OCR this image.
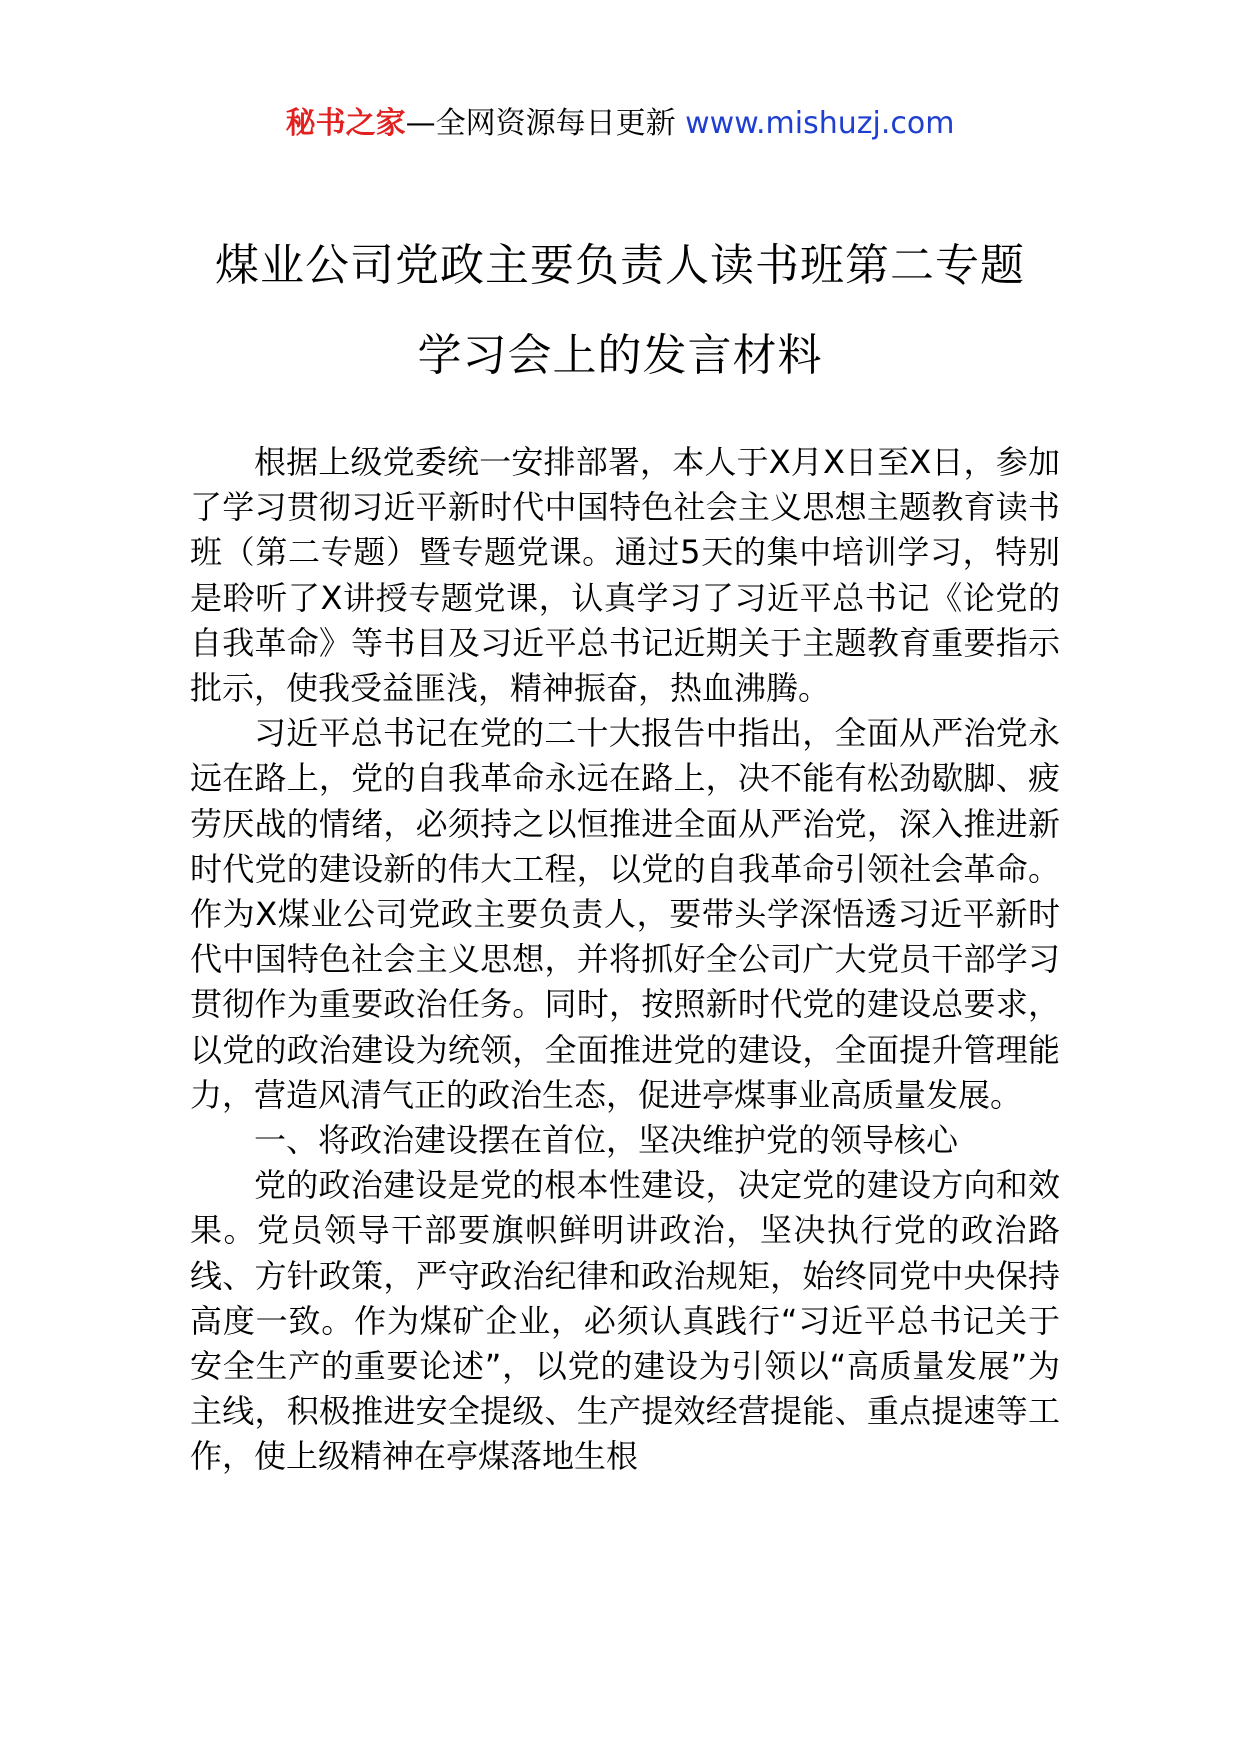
秘书之家—全网资源每日更新 www.mishuzj.com
煤业公司党政主要负责人读书班第二专题
学习会上的发言材料

根据上级党委统一安排部署，本人于X月X日至X日，参加了学习贯彻习近平新时代中国特色社会主义思想主题教育读书班（第二专题）暨专题党课。通过5天的集中培训学习，特别是聆听了X讲授专题党课，认真学习了习近平总书记《论党的自我革命》等书目及习近平总书记近期关于主题教育重要指示批示，使我受益匪浅，精神振奋，热血沸腾。

习近平总书记在党的二十大报告中指出，全面从严治党永远在路上，党的自我革命永远在路上，决不能有松劲歇脚、疲劳厌战的情绪，必须持之以恒推进全面从严治党，深入推进新时代党的建设新的伟大工程，以党的自我革命引领社会革命。作为X煤业公司党政主要负责人，要带头学深悟透习近平新时代中国特色社会主义思想，并将抓好全公司广大党员干部学习贯彻作为重要政治任务。同时，按照新时代党的建设总要求，以党的政治建设为统领，全面推进党的建设，全面提升管理能力，营造风清气正的政治生态，促进亭煤事业高质量发展。

一、将政治建设摆在首位，坚决维护党的领导核心

党的政治建设是党的根本性建设，决定党的建设方向和效果。党员领导干部要旗帜鲜明讲政治，坚决执行党的政治路线、方针政策，严守政治纪律和政治规矩，始终同党中央保持高度一致。作为煤矿企业，必须认真践行“习近平总书记关于安全生产的重要论述”，以党的建设为引领以“高质量发展”为主线，积极推进安全提级、生产提效经营提能、重点提速等工作，使上级精神在亭煤落地生根
